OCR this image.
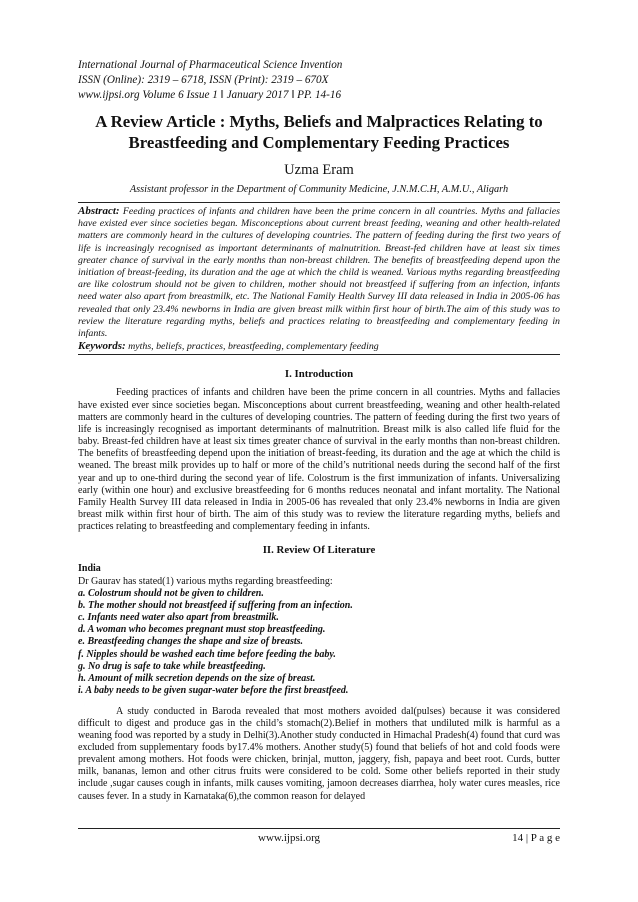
International Journal of Pharmaceutical Science Invention
ISSN (Online): 2319 – 6718, ISSN (Print): 2319 – 670X
www.ijpsi.org Volume 6 Issue 1 ǁ January 2017 ǁ PP. 14-16
A Review Article : Myths, Beliefs and Malpractices Relating to Breastfeeding and Complementary Feeding Practices
Uzma Eram
Assistant professor in the Department of Community Medicine, J.N.M.C.H, A.M.U., Aligarh
Abstract: Feeding practices of infants and children have been the prime concern in all countries. Myths and fallacies have existed ever since societies began. Misconceptions about current breast feeding, weaning and other health-related matters are commonly heard in the cultures of developing countries. The pattern of feeding during the first two years of life is increasingly recognised as important determinants of malnutrition. Breast-fed children have at least six times greater chance of survival in the early months than non-breast children. The benefits of breastfeeding depend upon the initiation of breast-feeding, its duration and the age at which the child is weaned. Various myths regarding breastfeeding are like colostrum should not be given to children, mother should not breastfeed if suffering from an infection, infants need water also apart from breastmilk, etc. The National Family Health Survey III data released in India in 2005-06 has revealed that only 23.4% newborns in India are given breast milk within first hour of birth.The aim of this study was to review the literature regarding myths, beliefs and practices relating to breastfeeding and complementary feeding in infants.
Keywords: myths, beliefs, practices, breastfeeding, complementary feeding
I. Introduction
Feeding practices of infants and children have been the prime concern in all countries. Myths and fallacies have existed ever since societies began. Misconceptions about current breastfeeding, weaning and other health-related matters are commonly heard in the cultures of developing countries. The pattern of feeding during the first two years of life is increasingly recognised as important determinants of malnutrition. Breast milk is also called life fluid for the baby. Breast-fed children have at least six times greater chance of survival in the early months than non-breast children. The benefits of breastfeeding depend upon the initiation of breast-feeding, its duration and the age at which the child is weaned. The breast milk provides up to half or more of the child’s nutritional needs during the second half of the first year and up to one-third during the second year of life. Colostrum is the first immunization of infants. Universalizing early (within one hour) and exclusive breastfeeding for 6 months reduces neonatal and infant mortality. The National Family Health Survey III data released in India in 2005-06 has revealed that only 23.4% newborns in India are given breast milk within first hour of birth. The aim of this study was to review the literature regarding myths, beliefs and practices relating to breastfeeding and complementary feeding in infants.
II. Review Of Literature
India
Dr Gaurav has stated(1) various myths regarding breastfeeding:
a. Colostrum should not be given to children.
b. The mother should not breastfeed if suffering from an infection.
c. Infants need water also apart from breastmilk.
d. A woman who becomes pregnant must stop breastfeeding.
e. Breastfeeding changes the shape and size of breasts.
f. Nipples should be washed each time before feeding the baby.
g. No drug is safe to take while breastfeeding.
h. Amount of milk secretion depends on the size of breast.
i. A baby needs to be given sugar-water before the first breastfeed.
A study conducted in Baroda revealed that most mothers avoided dal(pulses) because it was considered difficult to digest and produce gas in the child’s stomach(2).Belief in mothers that undiluted milk is harmful as a weaning food was reported by a study in Delhi(3).Another study conducted in Himachal Pradesh(4) found that curd was excluded from supplementary foods by17.4% mothers. Another study(5) found that beliefs of hot and cold foods were prevalent among mothers. Hot foods were chicken, brinjal, mutton, jaggery, fish, papaya and beet root. Curds, butter milk, bananas, lemon and other citrus fruits were considered to be cold. Some other beliefs reported in their study include ,sugar causes cough in infants, milk causes vomiting, jamoon decreases diarrhea, holy water cures measles, rice causes fever. In a study in Karnataka(6),the common reason for delayed
www.ijpsi.org	14 | P a g e
